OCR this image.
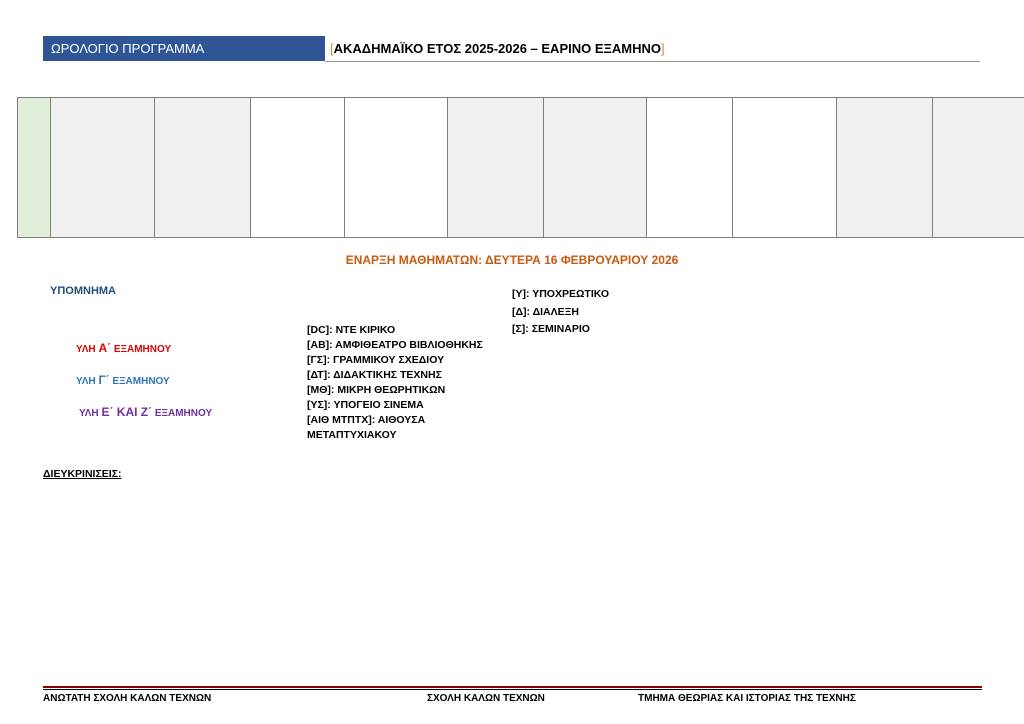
ΩΡΟΛΟΓΙΟ ΠΡΟΓΡΑΜΜΑ	[ΑΚΑΔΗΜΑΪΚΟ ΕΤΟΣ 2025-2026 – ΕΑΡΙΝΟ ΕΞΑΜΗΝΟ]
ΕΝΑΡΞΗ ΜΑΘΗΜΑΤΩΝ: ΔΕΥΤΕΡΑ 16 ΦΕΒΡΟΥΑΡΙΟΥ 2026
ΥΠΟΜΝΗΜΑ
ΥΛΗ Α΄ ΕΞΑΜΗΝΟΥ
ΥΛΗ Γ΄ ΕΞΑΜΗΝΟΥ
ΥΛΗ Ε΄ ΚΑΙ Ζ΄ ΕΞΑΜΗΝΟΥ
[DC]: ΝΤΕ ΚΙΡΙΚΟ
[ΑΒ]: ΑΜΦΙΘΕΑΤΡΟ ΒΙΒΛΙΟΘΗΚΗΣ
[ΓΣ]: ΓΡΑΜΜΙΚΟΥ ΣΧΕΔΙΟΥ
[ΔΤ]: ΔΙΔΑΚΤΙΚΗΣ ΤΕΧΝΗΣ
[ΜΘ]: ΜΙΚΡΗ ΘΕΩΡΗΤΙΚΩΝ
[ΥΣ]: ΥΠΟΓΕΙΟ ΣΙΝΕΜΑ
[ΑΙΘ ΜΤΠΤΧ]: ΑΙΘΟΥΣΑ ΜΕΤΑΠΤΥΧΙΑΚΟΥ
[Υ]: ΥΠΟΧΡΕΩΤΙΚΟ
[Δ]: ΔΙΑΛΕΞΗ
[Σ]: ΣΕΜΙΝΑΡΙΟ
ΔΙΕΥΚΡΙΝΙΣΕΙΣ:
ΑΝΩΤΑΤΗ ΣΧΟΛΗ ΚΑΛΩΝ ΤΕΧΝΩΝ	ΣΧΟΛΗ ΚΑΛΩΝ ΤΕΧΝΩΝ	ΤΜΗΜΑ ΘΕΩΡΙΑΣ ΚΑΙ ΙΣΤΟΡΙΑΣ ΤΗΣ ΤΕΧΝΗΣ
